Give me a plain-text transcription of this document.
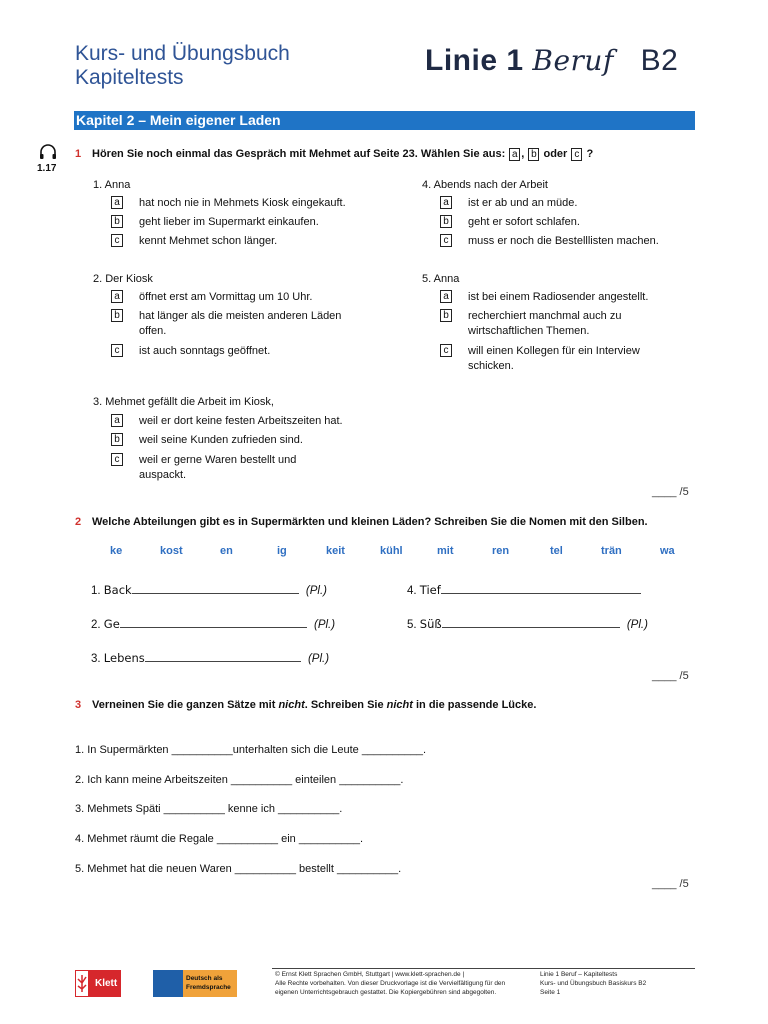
Kurs- und Übungsbuch
Kapiteltests
Linie 1 Beruf B2
Kapitel 2 – Mein eigener Laden
1.17
1 Hören Sie noch einmal das Gespräch mit Mehmet auf Seite 23. Wählen Sie aus: a , b oder c ?
1. Anna
a hat noch nie in Mehmets Kiosk eingekauft.
b geht lieber im Supermarkt einkaufen.
c	kennt Mehmet schon länger.
2. Der Kiosk
a öffnet erst am Vormittag um 10 Uhr.
b hat länger als die meisten anderen Läden
offen.
c	ist auch sonntags geöffnet.
3. Mehmet gefällt die Arbeit im Kiosk,
a weil er dort keine festen Arbeitszeiten hat.
b weil seine Kunden zufrieden sind.
c	weil er gerne Waren bestellt und
auspackt.
4. Abends nach der Arbeit
a ist er ab und an müde.
b geht er sofort schlafen.
c	muss er noch die Bestelllisten machen.
5. Anna
a ist bei einem Radiosender angestellt.
b recherchiert manchmal auch zu
wirtschaftlichen Themen.
c	will einen Kollegen für ein Interview
schicken.
____ /5
2 Welche Abteilungen gibt es in Supermärkten und kleinen Läden? Schreiben Sie die Nomen mit den Silben.
ke	kost	en	ig	keit	kühl	mit	ren	tel	trän	wa
1. Back	(Pl.)
2. Ge	(Pl.)
3. Lebens	(Pl.)
4. Tief
5. Süß	(Pl.)
____ /5
3 Verneinen Sie die ganzen Sätze mit nicht. Schreiben Sie nicht in die passende Lücke.
1. In Supermärkten __________unterhalten sich die Leute __________.
2. Ich kann meine Arbeitszeiten __________ einteilen __________.
3. Mehmets Späti __________ kenne ich __________.
4. Mehmet räumt die Regale __________ ein __________.
5. Mehmet hat die neuen Waren __________ bestellt __________.
____ /5
Klett	Deutsch als
Fremdsprache
© Ernst Klett Sprachen GmbH, Stuttgart | www.klett-sprachen.de |
Alle Rechte vorbehalten. Von dieser Druckvorlage ist die Vervielfältigung für den
eigenen Unterrichtsgebrauch gestattet. Die Kopiergebühren sind abgegolten.
Linie 1 Beruf – Kapiteltests
Kurs- und Übungsbuch Basiskurs B2
Seite 1
